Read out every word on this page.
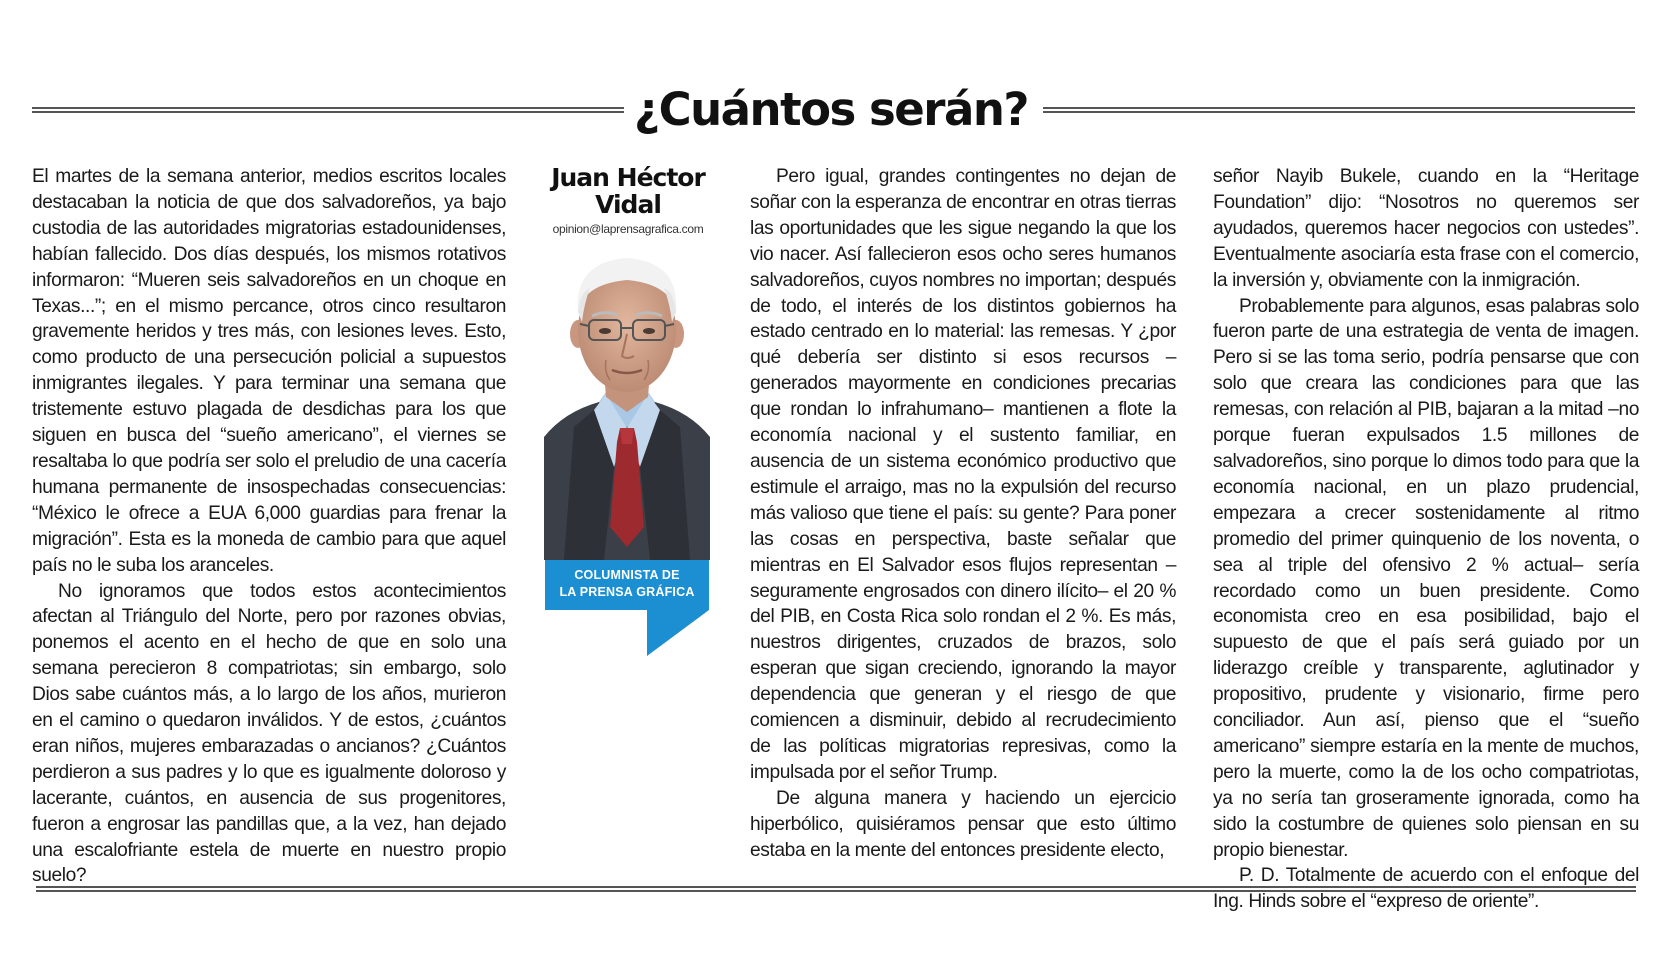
¿Cuántos serán?

El martes de la semana anterior, medios escritos locales destacaban la noticia de que dos salvadoreños, ya bajo custodia de las autoridades migratorias estadounidenses, habían fallecido. Dos días después, los mismos rotativos informaron: “Mueren seis salvadoreños en un choque en Texas...”; en el mismo percance, otros cinco resultaron gravemente heridos y tres más, con lesiones leves. Esto, como producto de una persecución policial a supuestos inmigrantes ilegales. Y para terminar una semana que tristemente estuvo plagada de desdichas para los que siguen en busca del “sueño americano”, el viernes se resaltaba lo que podría ser solo el preludio de una cacería humana permanente de insospechadas consecuencias: “México le ofrece a EUA 6,000 guardias para frenar la migración”. Esta es la moneda de cambio para que aquel país no le suba los aranceles.

No ignoramos que todos estos acontecimientos afectan al Triángulo del Norte, pero por razones obvias, ponemos el acento en el hecho de que en solo una semana perecieron 8 compatriotas; sin embargo, solo Dios sabe cuántos más, a lo largo de los años, murieron en el camino o quedaron inválidos. Y de estos, ¿cuántos eran niños, mujeres embarazadas o ancianos? ¿Cuántos perdieron a sus padres y lo que es igualmente doloroso y lacerante, cuántos, en ausencia de sus progenitores, fueron a engrosar las pandillas que, a la vez, han dejado una escalofriante estela de muerte en nuestro propio suelo?

Juan Héctor
Vidal
opinion@laprensagrafica.com
COLUMNISTA DE
LA PRENSA GRÁFICA

Pero igual, grandes contingentes no dejan de soñar con la esperanza de encontrar en otras tierras las oportunidades que les sigue negando la que los vio nacer. Así fallecieron esos ocho seres humanos salvadoreños, cuyos nombres no importan; después de todo, el interés de los distintos gobiernos ha estado centrado en lo material: las remesas. Y ¿por qué debería ser distinto si esos recursos –generados mayormente en condiciones precarias que rondan lo infrahumano– mantienen a flote la economía nacional y el sustento familiar, en ausencia de un sistema económico productivo que estimule el arraigo, mas no la expulsión del recurso más valioso que tiene el país: su gente? Para poner las cosas en perspectiva, baste señalar que mientras en El Salvador esos flujos representan –seguramente engrosados con dinero ilícito– el 20 % del PIB, en Costa Rica solo rondan el 2 %. Es más, nuestros dirigentes, cruzados de brazos, solo esperan que sigan creciendo, ignorando la mayor dependencia que generan y el riesgo de que comiencen a disminuir, debido al recrudecimiento de las políticas migratorias represivas, como la impulsada por el señor Trump.

De alguna manera y haciendo un ejercicio hiperbólico, quisiéramos pensar que esto último estaba en la mente del entonces presidente electo,

señor Nayib Bukele, cuando en la “Heritage Foundation” dijo: “Nosotros no queremos ser ayudados, queremos hacer negocios con ustedes”. Eventualmente asociaría esta frase con el comercio, la inversión y, obviamente con la inmigración.

Probablemente para algunos, esas palabras solo fueron parte de una estrategia de venta de imagen. Pero si se las toma serio, podría pensarse que con solo que creara las condiciones para que las remesas, con relación al PIB, bajaran a la mitad –no porque fueran expulsados 1.5 millones de salvadoreños, sino porque lo dimos todo para que la economía nacional, en un plazo prudencial, empezara a crecer sostenidamente al ritmo promedio del primer quinquenio de los noventa, o sea al triple del ofensivo 2 % actual– sería recordado como un buen presidente. Como economista creo en esa posibilidad, bajo el supuesto de que el país será guiado por un liderazgo creíble y transparente, aglutinador y propositivo, prudente y visionario, firme pero conciliador. Aun así, pienso que el “sueño americano” siempre estaría en la mente de muchos, pero la muerte, como la de los ocho compatriotas, ya no sería tan groseramente ignorada, como ha sido la costumbre de quienes solo piensan en su propio bienestar.

P. D. Totalmente de acuerdo con el enfoque del Ing. Hinds sobre el “expreso de oriente”.
